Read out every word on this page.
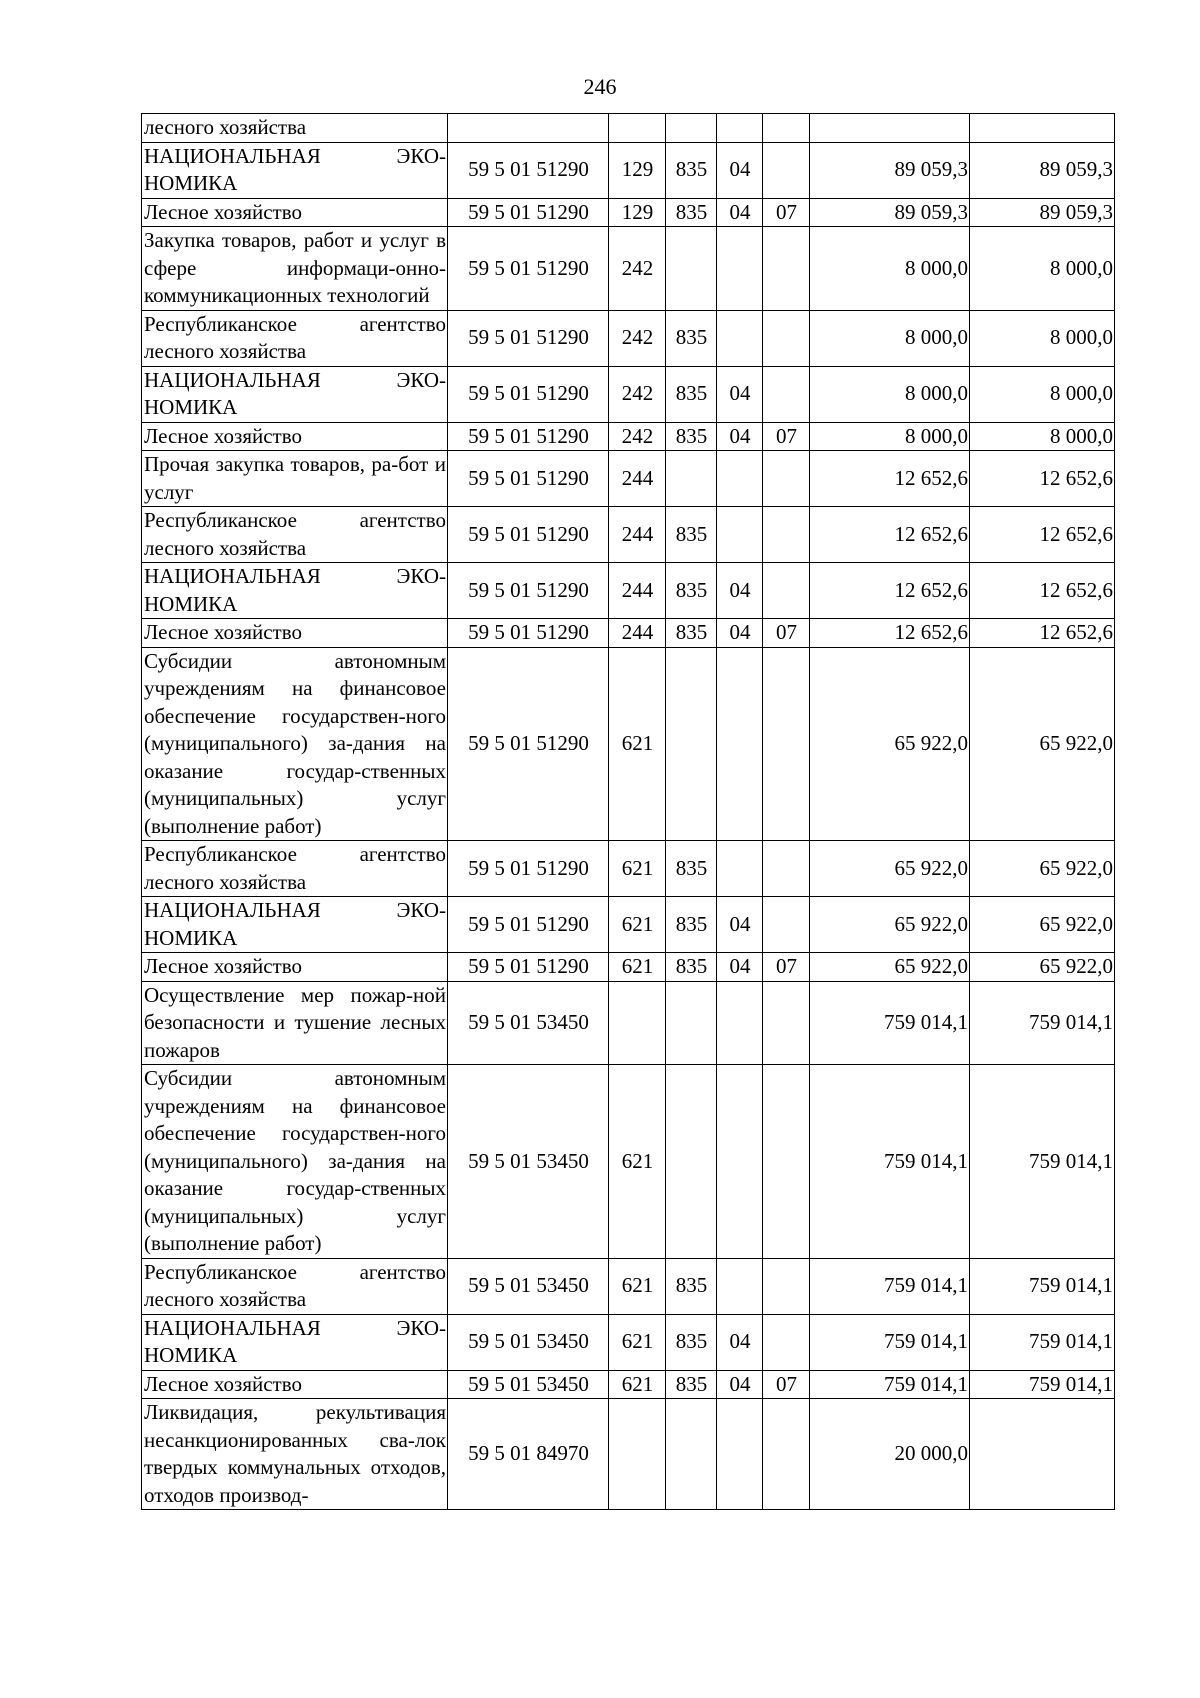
246
лесного хозяйства							
НАЦИОНАЛЬНАЯ ЭКО-НОМИКА	59 5 01 51290	129	835	04		89 059,3	89 059,3
Лесное хозяйство	59 5 01 51290	129	835	04	07	89 059,3	89 059,3
Закупка товаров, работ и услуг в сфере информаци-онно-коммуникационных технологий	59 5 01 51290	242				8 000,0	8 000,0
Республиканское агентство лесного хозяйства	59 5 01 51290	242	835			8 000,0	8 000,0
НАЦИОНАЛЬНАЯ ЭКО-НОМИКА	59 5 01 51290	242	835	04		8 000,0	8 000,0
Лесное хозяйство	59 5 01 51290	242	835	04	07	8 000,0	8 000,0
Прочая закупка товаров, ра-бот и услуг	59 5 01 51290	244				12 652,6	12 652,6
Республиканское агентство лесного хозяйства	59 5 01 51290	244	835			12 652,6	12 652,6
НАЦИОНАЛЬНАЯ ЭКО-НОМИКА	59 5 01 51290	244	835	04		12 652,6	12 652,6
Лесное хозяйство	59 5 01 51290	244	835	04	07	12 652,6	12 652,6
Субсидии автономным учреждениям на финансовое обеспечение государствен-ного (муниципального) за-дания на оказание государ-ственных (муниципальных) услуг (выполнение работ)	59 5 01 51290	621				65 922,0	65 922,0
Республиканское агентство лесного хозяйства	59 5 01 51290	621	835			65 922,0	65 922,0
НАЦИОНАЛЬНАЯ ЭКО-НОМИКА	59 5 01 51290	621	835	04		65 922,0	65 922,0
Лесное хозяйство	59 5 01 51290	621	835	04	07	65 922,0	65 922,0
Осуществление мер пожар-ной безопасности и тушение лесных пожаров	59 5 01 53450					759 014,1	759 014,1
Субсидии автономным учреждениям на финансовое обеспечение государствен-ного (муниципального) за-дания на оказание государ-ственных (муниципальных) услуг (выполнение работ)	59 5 01 53450	621				759 014,1	759 014,1
Республиканское агентство лесного хозяйства	59 5 01 53450	621	835			759 014,1	759 014,1
НАЦИОНАЛЬНАЯ ЭКО-НОМИКА	59 5 01 53450	621	835	04		759 014,1	759 014,1
Лесное хозяйство	59 5 01 53450	621	835	04	07	759 014,1	759 014,1
Ликвидация, рекультивация несанкционированных сва-лок твердых коммунальных отходов, отходов производ-	59 5 01 84970					20 000,0	
